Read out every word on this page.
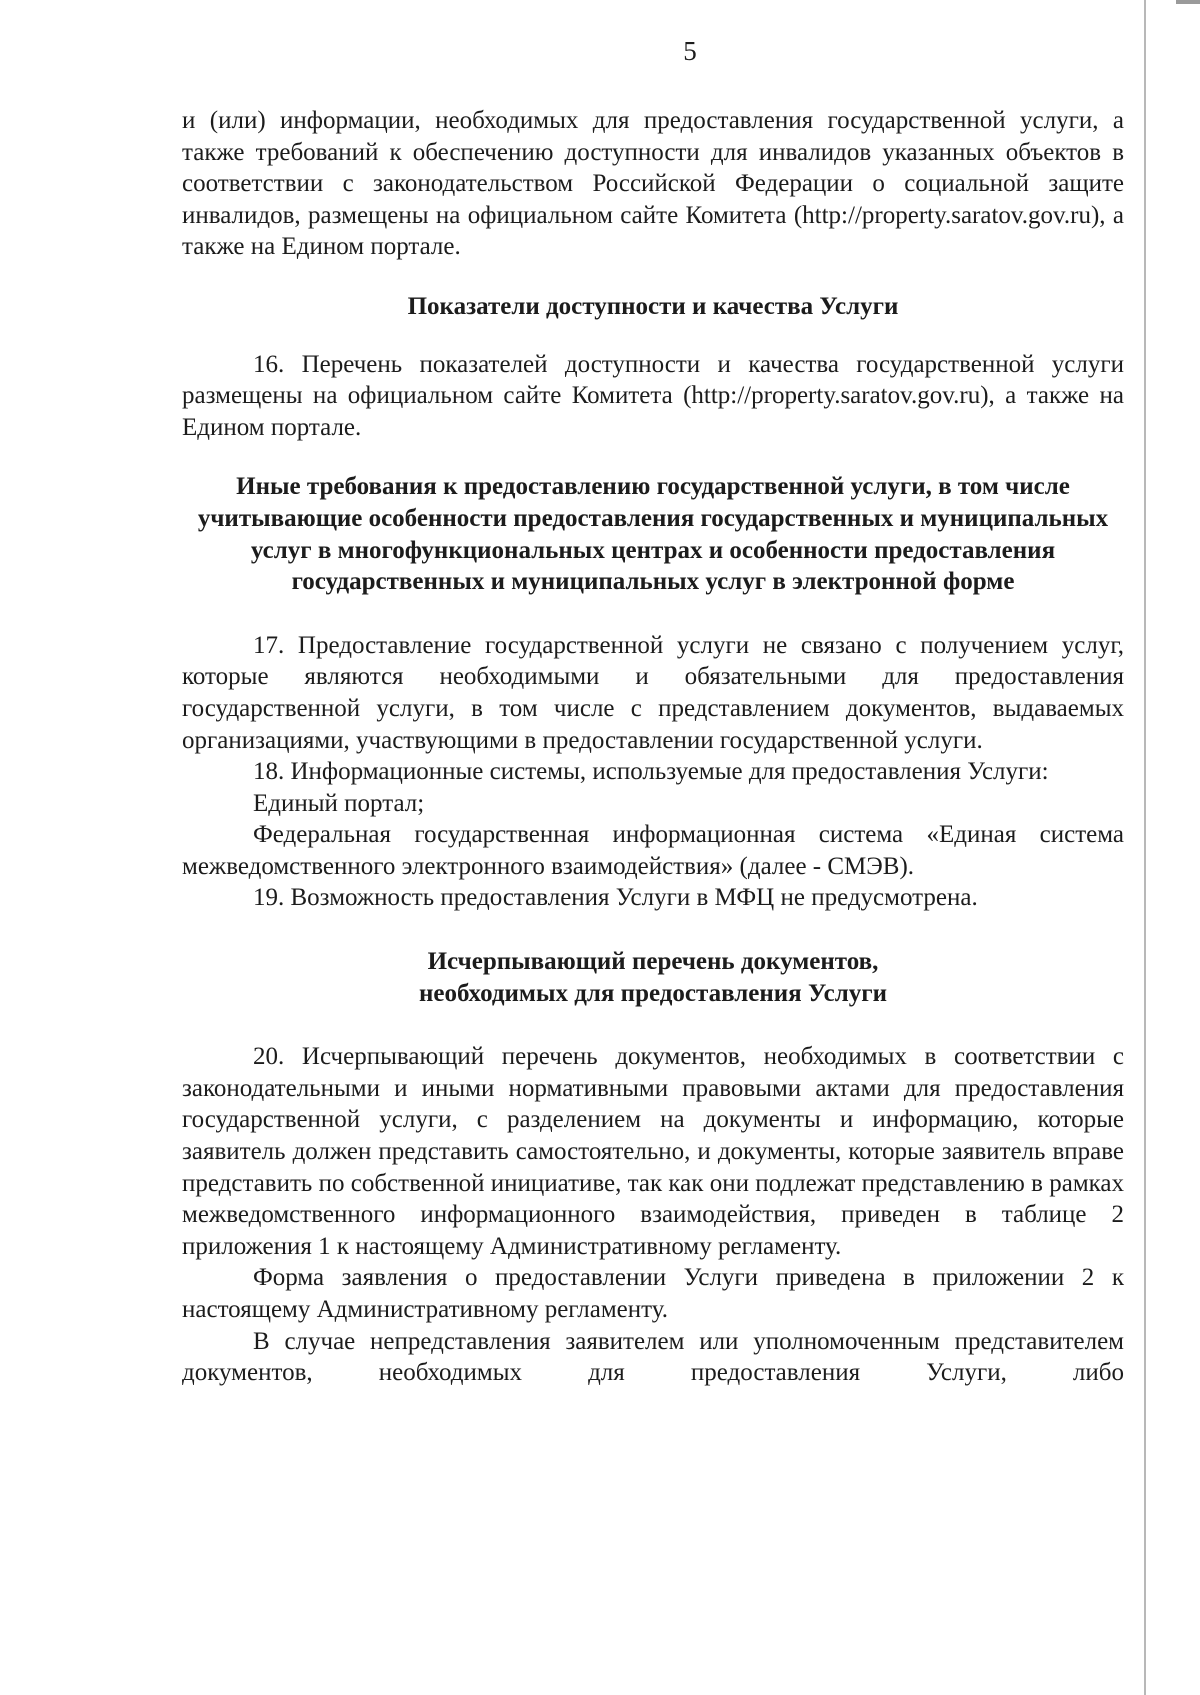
5

и (или) информации, необходимых для предоставления государственной услуги, а также требований к обеспечению доступности для инвалидов указанных объектов в соответствии с законодательством Российской Федерации о социальной защите инвалидов, размещены на официальном сайте Комитета (http://property.saratov.gov.ru), а также на Едином портале.

Показатели доступности и качества Услуги

16. Перечень показателей доступности и качества государственной услуги размещены на официальном сайте Комитета (http://property.saratov.gov.ru), а также на Едином портале.

Иные требования к предоставлению государственной услуги, в том числе учитывающие особенности предоставления государственных и муниципальных услуг в многофункциональных центрах и особенности предоставления государственных и муниципальных услуг в электронной форме

17. Предоставление государственной услуги не связано с получением услуг, которые являются необходимыми и обязательными для предоставления государственной услуги, в том числе с представлением документов, выдаваемых организациями, участвующими в предоставлении государственной услуги.

18. Информационные системы, используемые для предоставления Услуги:

Единый портал;

Федеральная государственная информационная система «Единая система межведомственного электронного взаимодействия» (далее - СМЭВ).

19. Возможность предоставления Услуги в МФЦ не предусмотрена.

Исчерпывающий перечень документов,

необходимых для предоставления Услуги

20. Исчерпывающий перечень документов, необходимых в соответствии с законодательными и иными нормативными правовыми актами для предоставления государственной услуги, с разделением на документы и информацию, которые заявитель должен представить самостоятельно, и документы, которые заявитель вправе представить по собственной инициативе, так как они подлежат представлению в рамках межведомственного информационного взаимодействия, приведен в таблице 2 приложения 1 к настоящему Административному регламенту.

Форма заявления о предоставлении Услуги приведена в приложении 2 к настоящему Административному регламенту.

В случае непредставления заявителем или уполномоченным представителем документов, необходимых для предоставления Услуги, либо
